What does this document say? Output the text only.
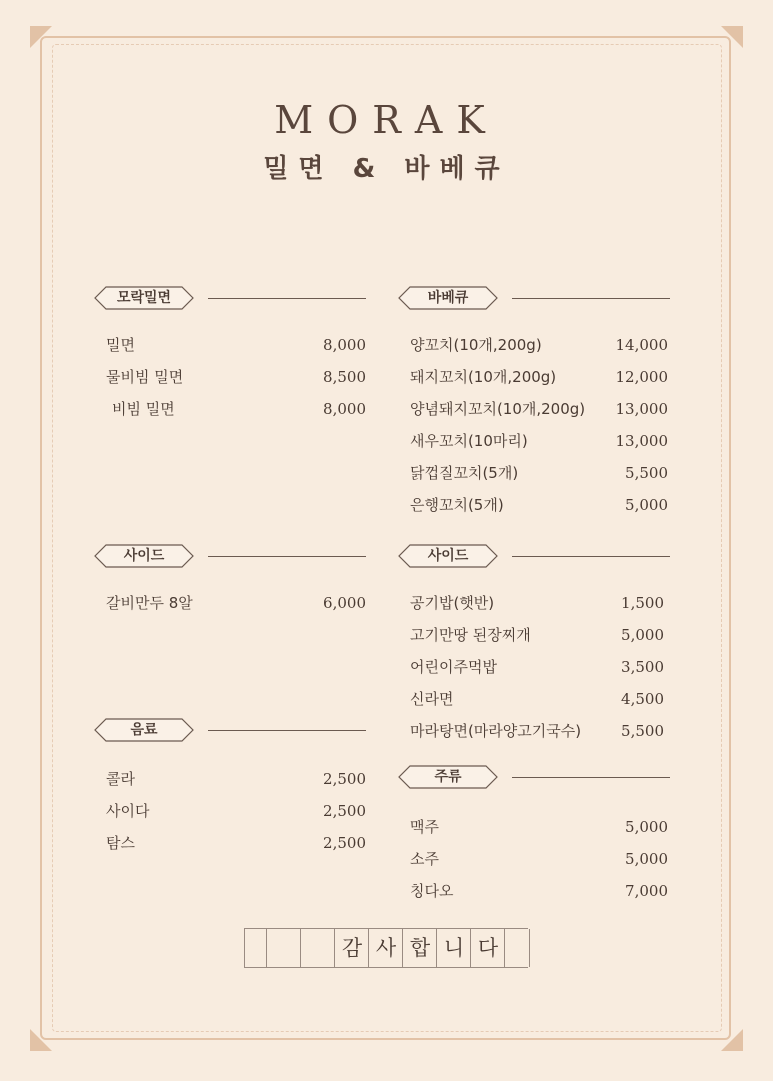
MORAK
밀면 & 바베큐
모락밀면
밀면	8,000
물비빔 밀면	8,500
비빔 밀면	8,000
바베큐
양꼬치(10개,200g)	14,000
돼지꼬치(10개,200g)	12,000
양념돼지꼬치(10개,200g) 13,000
새우꼬치(10마리)	13,000
닭껍질꼬치(5개)	5,500
은행꼬치(5개)	5,000
사이드
갈비만두 8알	6,000
사이드
공기밥(햇반)	1,500
고기만땅 된장찌개	5,000
어린이주먹밥	3,500
신라면	4,500
마라탕면(마라양고기국수)	5,500
음료
콜라	2,500
사이다	2,500
탐스	2,500
주류
맥주	5,000
소주	5,000
칭다오	7,000
감 사 합 니 다
